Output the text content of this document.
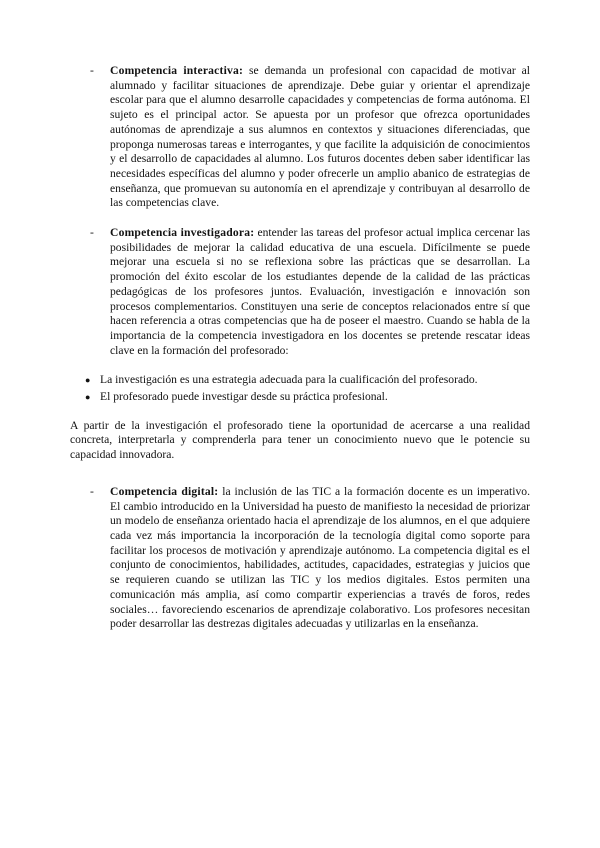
-	Competencia interactiva: se demanda un profesional con capacidad de motivar al alumnado y facilitar situaciones de aprendizaje. Debe guiar y orientar el aprendizaje escolar para que el alumno desarrolle capacidades y competencias de forma autónoma. El sujeto es el principal actor. Se apuesta por un profesor que ofrezca oportunidades autónomas de aprendizaje a sus alumnos en contextos y situaciones diferenciadas, que proponga numerosas tareas e interrogantes, y que facilite la adquisición de conocimientos y el desarrollo de capacidades al alumno. Los futuros docentes deben saber identificar las necesidades específicas del alumno y poder ofrecerle un amplio abanico de estrategias de enseñanza, que promuevan su autonomía en el aprendizaje y contribuyan al desarrollo de las competencias clave.

-	Competencia investigadora: entender las tareas del profesor actual implica cercenar las posibilidades de mejorar la calidad educativa de una escuela. Difícilmente se puede mejorar una escuela si no se reflexiona sobre las prácticas que se desarrollan. La promoción del éxito escolar de los estudiantes depende de la calidad de las prácticas pedagógicas de los profesores juntos. Evaluación, investigación e innovación son procesos complementarios. Constituyen una serie de conceptos relacionados entre sí que hacen referencia a otras competencias que ha de poseer el maestro. Cuando se habla de la importancia de la competencia investigadora en los docentes se pretende rescatar ideas clave en la formación del profesorado:

● La investigación es una estrategia adecuada para la cualificación del profesorado.

● El profesorado puede investigar desde su práctica profesional.

A partir de la investigación el profesorado tiene la oportunidad de acercarse a una realidad concreta, interpretarla y comprenderla para tener un conocimiento nuevo que le potencie su capacidad innovadora.

-	Competencia digital: la inclusión de las TIC a la formación docente es un imperativo. El cambio introducido en la Universidad ha puesto de manifiesto la necesidad de priorizar un modelo de enseñanza orientado hacia el aprendizaje de los alumnos, en el que adquiere cada vez más importancia la incorporación de la tecnología digital como soporte para facilitar los procesos de motivación y aprendizaje autónomo. La competencia digital es el conjunto de conocimientos, habilidades, actitudes, capacidades, estrategias y juicios que se requieren cuando se utilizan las TIC y los medios digitales. Estos permiten una comunicación más amplia, así como compartir experiencias a través de foros, redes sociales… favoreciendo escenarios de aprendizaje colaborativo. Los profesores necesitan poder desarrollar las destrezas digitales adecuadas y utilizarlas en la enseñanza.
